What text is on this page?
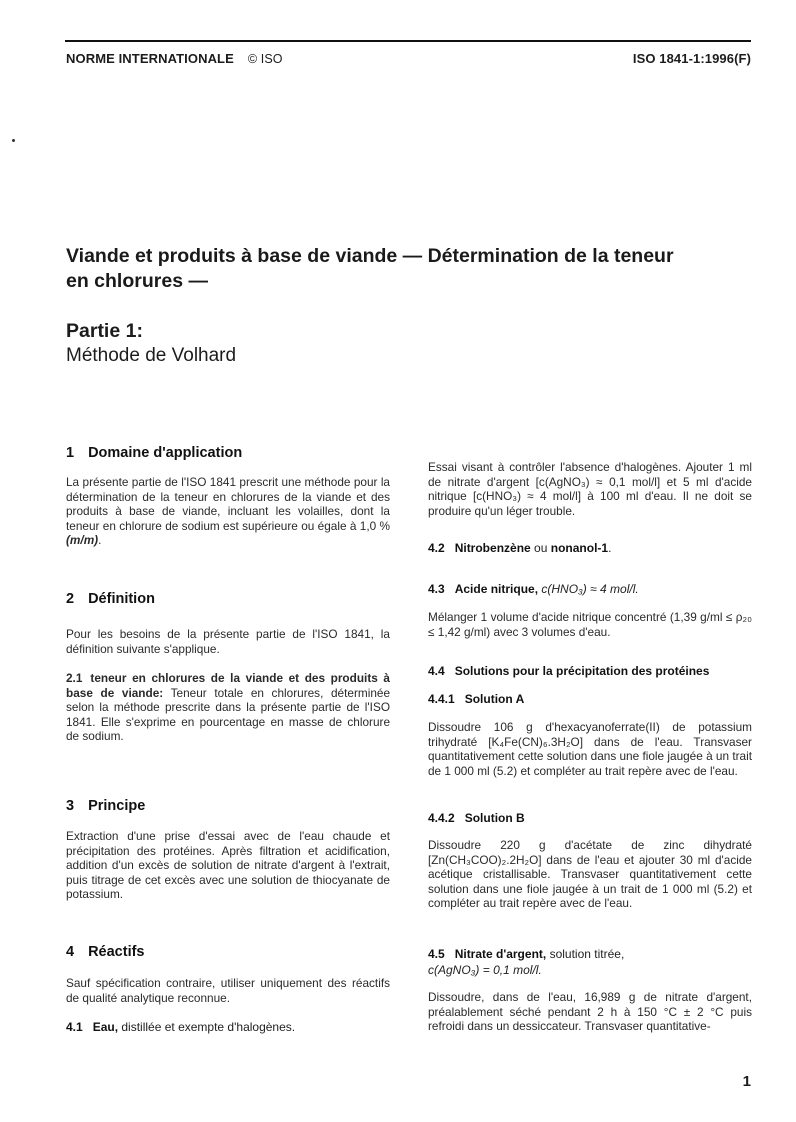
NORME INTERNATIONALE © ISO	ISO 1841-1:1996(F)
Viande et produits à base de viande — Détermination de la teneur
en chlorures —
Partie 1:
Méthode de Volhard
1 Domaine d'application

La présente partie de l'ISO 1841 prescrit une méthode pour la détermination de la teneur en chlorures de la viande et des produits à base de viande, incluant les volailles, dont la teneur en chlorure de sodium est supérieure ou égale à 1,0 % (m/m).

2 Définition

Pour les besoins de la présente partie de l'ISO 1841, la définition suivante s'applique.

2.1 teneur en chlorures de la viande et des produits à base de viande: Teneur totale en chlorures, déterminée selon la méthode prescrite dans la présente partie de l'ISO 1841. Elle s'exprime en pourcentage en masse de chlorure de sodium.

3 Principe

Extraction d'une prise d'essai avec de l'eau chaude et précipitation des protéines. Après filtration et acidification, addition d'un excès de solution de nitrate d'argent à l'extrait, puis titrage de cet excès avec une solution de thiocyanate de potassium.

4 Réactifs

Sauf spécification contraire, utiliser uniquement des réactifs de qualité analytique reconnue.

4.1 Eau, distillée et exempte d'halogènes.

Essai visant à contrôler l'absence d'halogènes. Ajouter 1 ml de nitrate d'argent [c(AgNO₃) ≈ 0,1 mol/l] et 5 ml d'acide nitrique [c(HNO₃) ≈ 4 mol/l] à 100 ml d'eau. Il ne doit se produire qu'un léger trouble.

4.2 Nitrobenzène ou nonanol-1.
4.3 Acide nitrique, c(HNO₃) ≈ 4 mol/l.

Mélanger 1 volume d'acide nitrique concentré (1,39 g/ml ≤ ρ₂₀ ≤ 1,42 g/ml) avec 3 volumes d'eau.

4.4 Solutions pour la précipitation des protéines
4.4.1 Solution A

Dissoudre 106 g d'hexacyanoferrate(II) de potassium trihydraté [K₄Fe(CN)₆.3H₂O] dans de l'eau. Transvaser quantitativement cette solution dans une fiole jaugée à un trait de 1 000 ml (5.2) et compléter au trait repère avec de l'eau.

4.4.2 Solution B

Dissoudre 220 g d'acétate de zinc dihydraté [Zn(CH₃COO)₂.2H₂O] dans de l'eau et ajouter 30 ml d'acide acétique cristallisable. Transvaser quantitativement cette solution dans une fiole jaugée à un trait de 1 000 ml (5.2) et compléter au trait repère avec de l'eau.

4.5 Nitrate d'argent, solution titrée,
c(AgNO₃) = 0,1 mol/l.

Dissoudre, dans de l'eau, 16,989 g de nitrate d'argent, préalablement séché pendant 2 h à 150 °C ± 2 °C puis refroidi dans un dessiccateur. Transvaser quantitative-

1
